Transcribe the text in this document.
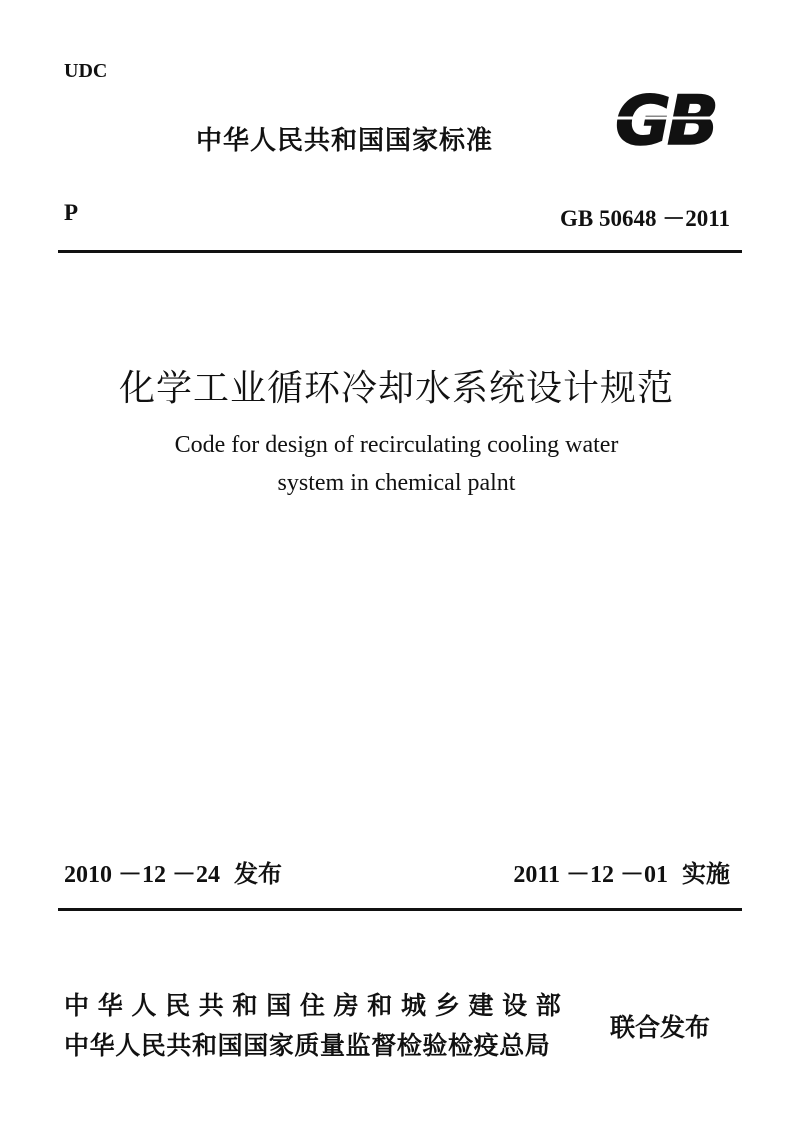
UDC
中华人民共和国国家标准 GB
P	GB 50648 －2011
化学工业循环冷却水系统设计规范
Code for design of recirculating cooling water
system in chemical palnt
2010 －12 －24 发布	2011 －12 －01 实施
中华人民共和国住房和城乡建设部
中华人民共和国国家质量监督检验检疫总局
联合发布
